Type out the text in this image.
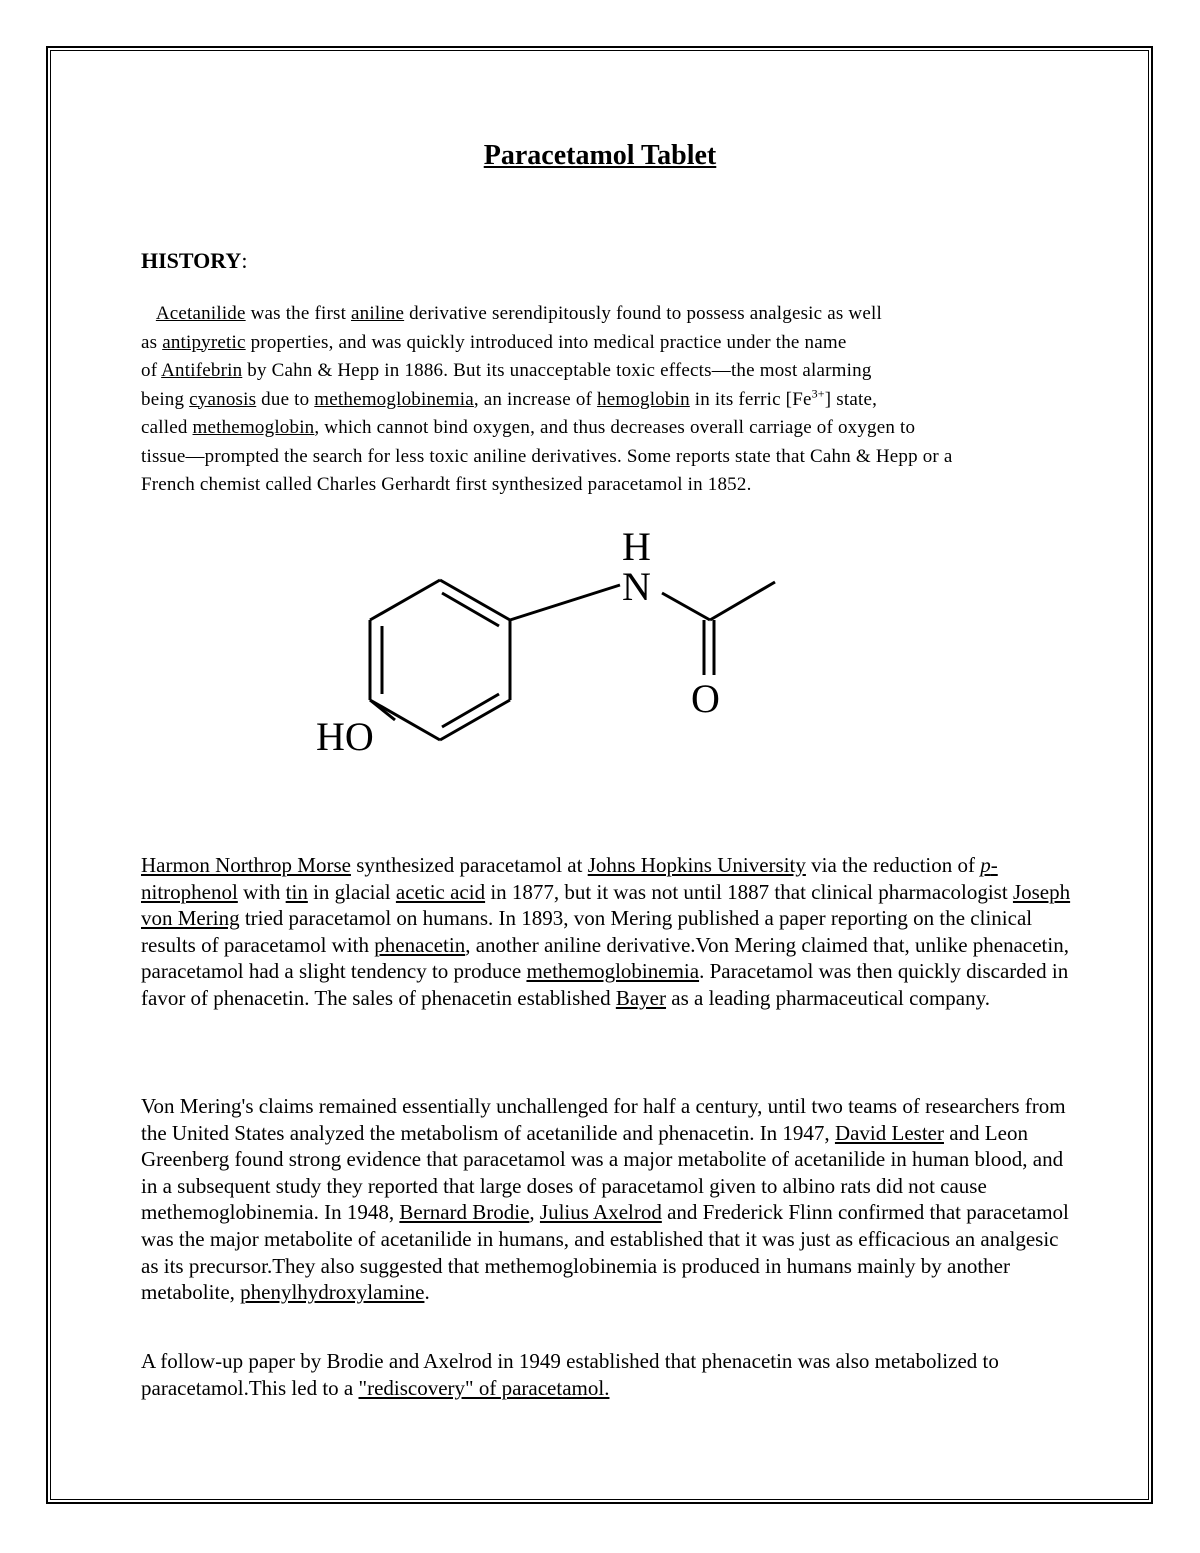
Paracetamol Tablet
HISTORY:
Acetanilide was the first aniline derivative serendipitously found to possess analgesic as well
as antipyretic properties, and was quickly introduced into medical practice under the name
of Antifebrin by Cahn & Hepp in 1886. But its unacceptable toxic effects—the most alarming
being cyanosis due to methemoglobinemia, an increase of hemoglobin in its ferric $[Fe^{3+}]$ state,
called methemoglobin, which cannot bind oxygen, and thus decreases overall carriage of oxygen to
tissue—prompted the search for less toxic aniline derivatives. Some reports state that Cahn & Hepp or a
French chemist called Charles Gerhardt first synthesized paracetamol in 1852.
H
N
O
HO
Harmon Northrop Morse synthesized paracetamol at Johns Hopkins University via the reduction of p-nitrophenol with tin in glacial acetic acid in 1877, but it was not until 1887 that clinical pharmacologist Joseph von Mering tried paracetamol on humans. In 1893, von Mering published a paper reporting on the clinical results of paracetamol with phenacetin, another aniline derivative.Von Mering claimed that, unlike phenacetin, paracetamol had a slight tendency to produce methemoglobinemia. Paracetamol was then quickly discarded in favor of phenacetin. The sales of phenacetin established Bayer as a leading pharmaceutical company.
Von Mering's claims remained essentially unchallenged for half a century, until two teams of researchers from the United States analyzed the metabolism of acetanilide and phenacetin. In 1947, David Lester and Leon Greenberg found strong evidence that paracetamol was a major metabolite of acetanilide in human blood, and in a subsequent study they reported that large doses of paracetamol given to albino rats did not cause methemoglobinemia. In 1948, Bernard Brodie, Julius Axelrod and Frederick Flinn confirmed that paracetamol was the major metabolite of acetanilide in humans, and established that it was just as efficacious an analgesic as its precursor.They also suggested that methemoglobinemia is produced in humans mainly by another metabolite, phenylhydroxylamine.
A follow-up paper by Brodie and Axelrod in 1949 established that phenacetin was also metabolized to paracetamol.This led to a "rediscovery" of paracetamol.
